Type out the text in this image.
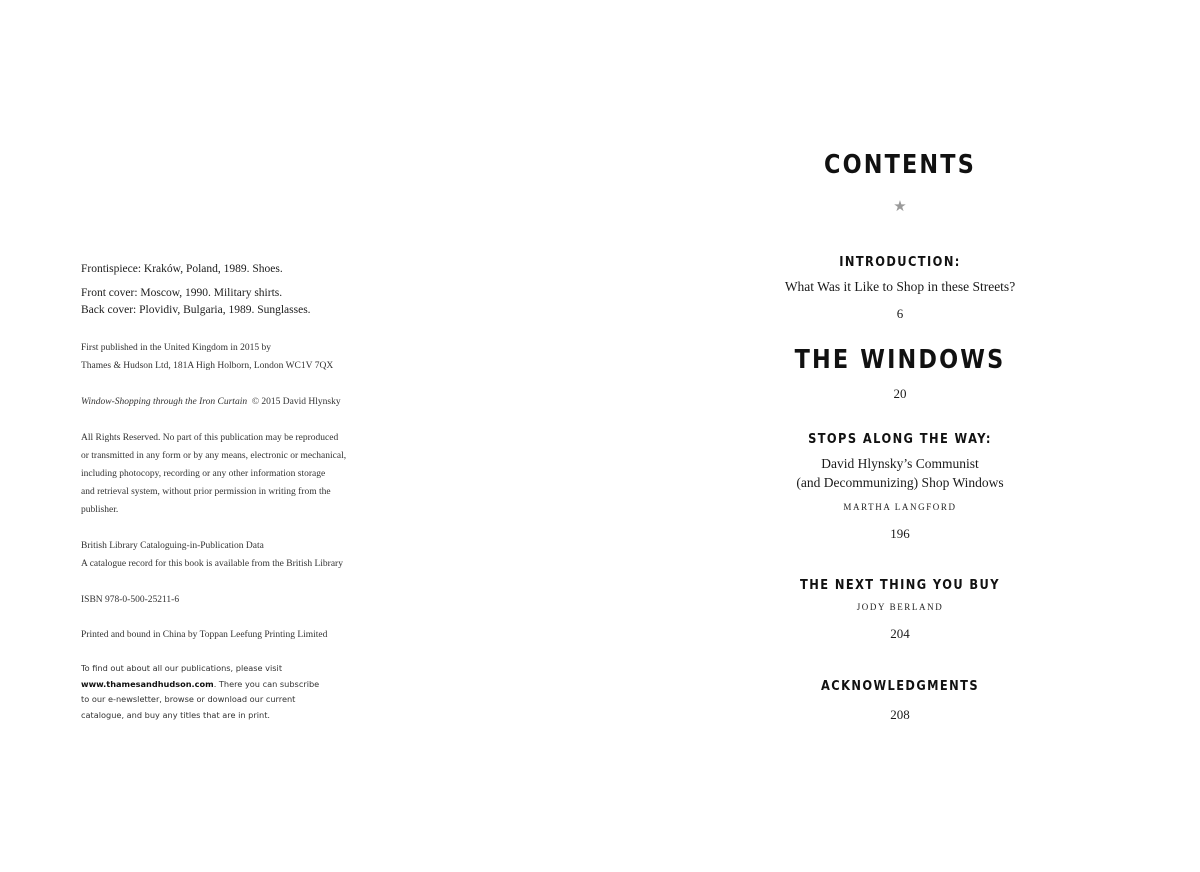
Frontispiece: Kraków, Poland, 1989. Shoes.
Front cover: Moscow, 1990. Military shirts.
Back cover: Plovidiv, Bulgaria, 1989. Sunglasses.
First published in the United Kingdom in 2015 by
Thames & Hudson Ltd, 181A High Holborn, London WC1V 7QX
Window-Shopping through the Iron Curtain © 2015 David Hlynsky
All Rights Reserved. No part of this publication may be reproduced
or transmitted in any form or by any means, electronic or mechanical,
including photocopy, recording or any other information storage
and retrieval system, without prior permission in writing from the
publisher.
British Library Cataloguing-in-Publication Data
A catalogue record for this book is available from the British Library
ISBN 978-0-500-25211-6
Printed and bound in China by Toppan Leefung Printing Limited
To find out about all our publications, please visit
www.thamesandhudson.com. There you can subscribe
to our e-newsletter, browse or download our current
catalogue, and buy any titles that are in print.
CONTENTS
★
INTRODUCTION:
What Was it Like to Shop in these Streets?
6
THE WINDOWS
20
STOPS ALONG THE WAY:
David Hlynsky’s Communist
(and Decommunizing) Shop Windows
MARTHA LANGFORD
196
THE NEXT THING YOU BUY
JODY BERLAND
204
ACKNOWLEDGMENTS
208
